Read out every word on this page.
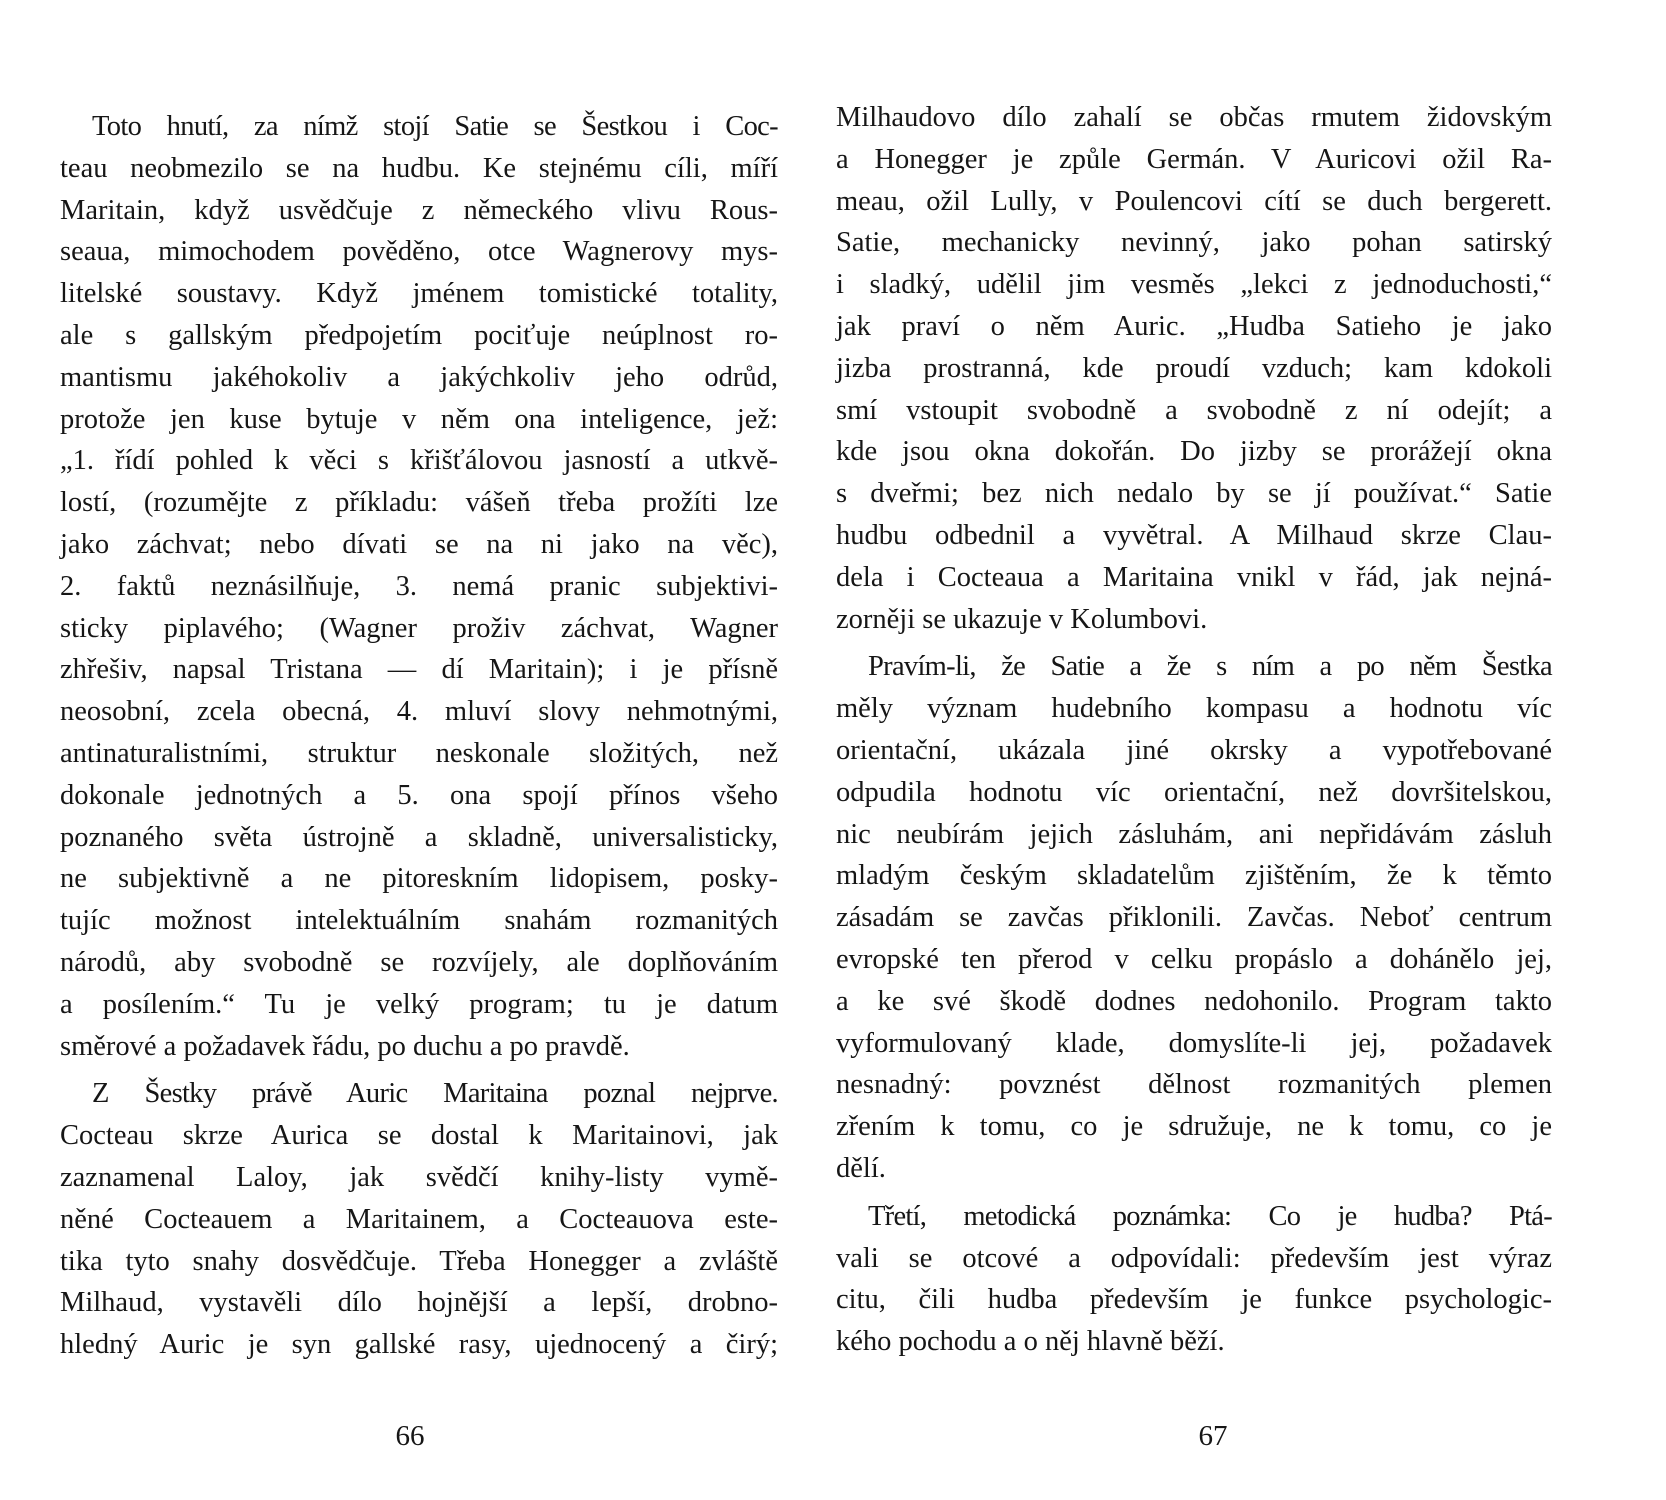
Toto hnutí, za nímž stojí Satie se Šestkou i Coc-
teau neobmezilo se na hudbu. Ke stejnému cíli, míří
Maritain, když usvědčuje z německého vlivu Rous-
seaua, mimochodem pověděno, otce Wagnerovy mys-
litelské soustavy. Když jménem tomistické totality,
ale s gallským předpojetím pociťuje neúplnost ro-
mantismu jakéhokoliv a jakýchkoliv jeho odrůd,
protože jen kuse bytuje v něm ona inteligence, jež:
„1. řídí pohled k věci s křišťálovou jasností a utkvě-
lostí, (rozumějte z příkladu: vášeň třeba prožíti lze
jako záchvat; nebo dívati se na ni jako na věc),
2. faktů neznásilňuje, 3. nemá pranic subjektivi-
sticky piplavého; (Wagner proživ záchvat, Wagner
zhřešiv, napsal Tristana — dí Maritain); i je přísně
neosobní, zcela obecná, 4. mluví slovy nehmotnými,
antinaturalistními, struktur neskonale složitých, než
dokonale jednotných a 5. ona spojí přínos všeho
poznaného světa ústrojně a skladně, universalisticky,
ne subjektivně a ne pitoreskním lidopisem, posky-
tujíc možnost intelektuálním snahám rozmanitých
národů, aby svobodně se rozvíjely, ale doplňováním
a posílením.“ Tu je velký program; tu je datum
směrové a požadavek řádu, po duchu a po pravdě.

Z Šestky právě Auric Maritaina poznal nejprve.
Cocteau skrze Aurica se dostal k Maritainovi, jak
zaznamenal Laloy, jak svědčí knihy-listy vymě-
něné Cocteauem a Maritainem, a Cocteauova este-
tika tyto snahy dosvědčuje. Třeba Honegger a zvláště
Milhaud, vystavěli dílo hojnější a lepší, drobno-
hledný Auric je syn gallské rasy, ujednocený a čirý;

66

Milhaudovo dílo zahalí se občas rmutem židovským
a Honegger je způle Germán. V Auricovi ožil Ra-
meau, ožil Lully, v Poulencovi cítí se duch bergerett.
Satie, mechanicky nevinný, jako pohan satirský
i sladký, udělil jim vesměs „lekci z jednoduchosti,“
jak praví o něm Auric. „Hudba Satieho je jako
jizba prostranná, kde proudí vzduch; kam kdokoli
smí vstoupit svobodně a svobodně z ní odejít; a
kde jsou okna dokořán. Do jizby se prorážejí okna
s dveřmi; bez nich nedalo by se jí používat.“ Satie
hudbu odbednil a vyvětral. A Milhaud skrze Clau-
dela i Cocteaua a Maritaina vnikl v řád, jak nejná-
zorněji se ukazuje v Kolumbovi.

Pravím-li, že Satie a že s ním a po něm Šestka
měly význam hudebního kompasu a hodnotu víc
orientační, ukázala jiné okrsky a vypotřebované
odpudila hodnotu víc orientační, než dovršitelskou,
nic neubírám jejich zásluhám, ani nepřidávám zásluh
mladým českým skladatelům zjištěním, že k těmto
zásadám se zavčas přiklonili. Zavčas. Neboť centrum
evropské ten přerod v celku propáslo a dohánělo jej,
a ke své škodě dodnes nedohonilo. Program takto
vyformulovaný klade, domyslíte-li jej, požadavek
nesnadný: povznést dělnost rozmanitých plemen
zřením k tomu, co je sdružuje, ne k tomu, co je
dělí.

Třetí, metodická poznámka: Co je hudba? Ptá-
vali se otcové a odpovídali: především jest výraz
citu, čili hudba především je funkce psychologic-
kého pochodu a o něj hlavně běží.

67
